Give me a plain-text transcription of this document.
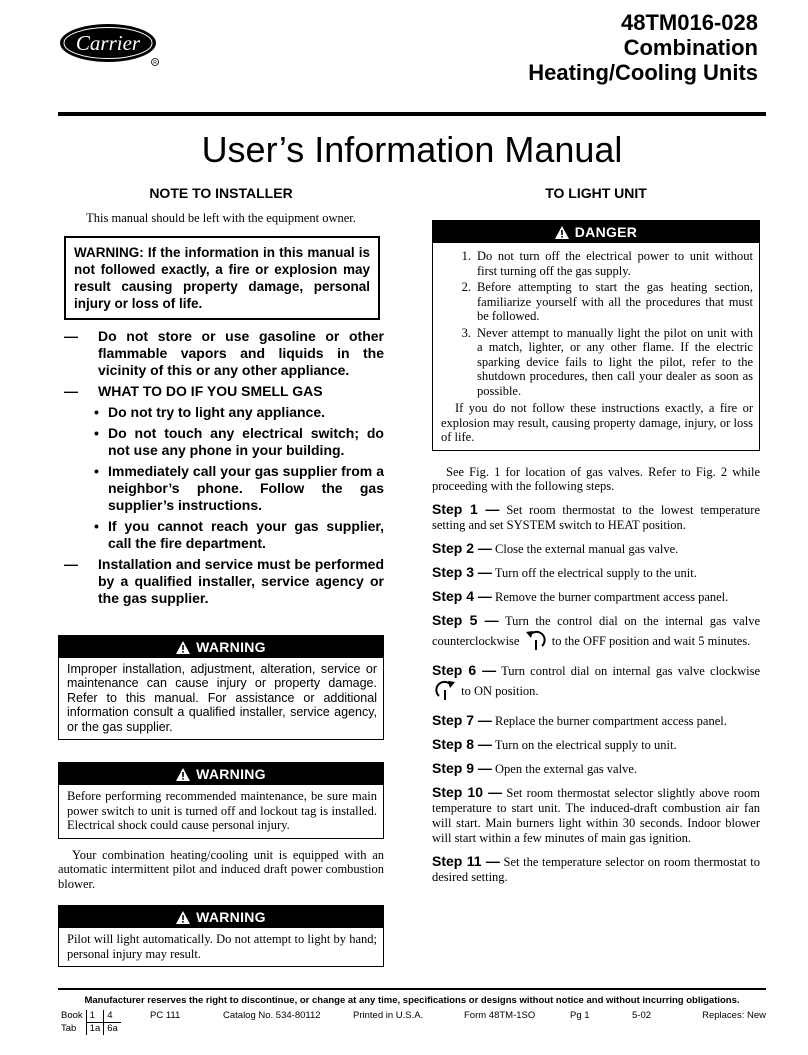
Carrier
R
48TM016-028
Combination
Heating/Cooling Units
User’s Information Manual
NOTE TO INSTALLER
This manual should be left with the equipment owner.
WARNING: If the information in this manual is not followed exactly, a fire or explosion may result causing property damage, personal injury or loss of life.
—	Do not store or use gasoline or other flammable vapors and liquids in the vicinity of this or any other appliance.
—	WHAT TO DO IF YOU SMELL GAS
• Do not try to light any appliance.
• Do not touch any electrical switch; do not use any phone in your building.
• Immediately call your gas supplier from a neighbor’s phone. Follow the gas supplier’s instructions.
• If you cannot reach your gas supplier, call the fire department.
—	Installation and service must be performed by a qualified installer, service agency or the gas supplier.
WARNING
Improper installation, adjustment, alteration, service or maintenance can cause injury or property damage. Refer to this manual. For assistance or additional information consult a qualified installer, service agency, or the gas supplier.
WARNING
Before performing recommended maintenance, be sure main power switch to unit is turned off and lockout tag is installed. Electrical shock could cause personal injury.
Your combination heating/cooling unit is equipped with an automatic intermittent pilot and induced draft power combustion blower.
WARNING
Pilot will light automatically. Do not attempt to light by hand; personal injury may result.
TO LIGHT UNIT
DANGER
1. Do not turn off the electrical power to unit without first turning off the gas supply.
2. Before attempting to start the gas heating section, familiarize yourself with all the procedures that must be followed.
3. Never attempt to manually light the pilot on unit with a match, lighter, or any other flame. If the electric sparking device fails to light the pilot, refer to the shutdown procedures, then call your dealer as soon as possible.
If you do not follow these instructions exactly, a fire or explosion may result, causing property damage, injury, or loss of life.
See Fig. 1 for location of gas valves. Refer to Fig. 2 while proceeding with the following steps.
Step 1 — Set room thermostat to the lowest temperature setting and set SYSTEM switch to HEAT position.
Step 2 — Close the external manual gas valve.
Step 3 — Turn off the electrical supply to the unit.
Step 4 — Remove the burner compartment access panel.
Step 5 — Turn the control dial on the internal gas valve counterclockwise	to the OFF position and wait 5 minutes.
Step 6 — Turn control dial on internal gas valve clockwise  to ON position.
Step 7 — Replace the burner compartment access panel.
Step 8 — Turn on the electrical supply to unit.
Step 9 — Open the external gas valve.
Step 10 — Set room thermostat selector slightly above room temperature to start unit. The induced-draft combustion air fan will start. Main burners light within 30 seconds. Indoor blower will start within a few minutes of main gas ignition.
Step 11 — Set the temperature selector on room thermostat to desired setting.
Manufacturer reserves the right to discontinue, or change at any time, specifications or designs without notice and without incurring obligations.
Book	1	4
Tab	1a	6a
PC 111	Catalog No. 534-80112	Printed in U.S.A.	Form 48TM-1SO	Pg 1	5-02	Replaces: New
